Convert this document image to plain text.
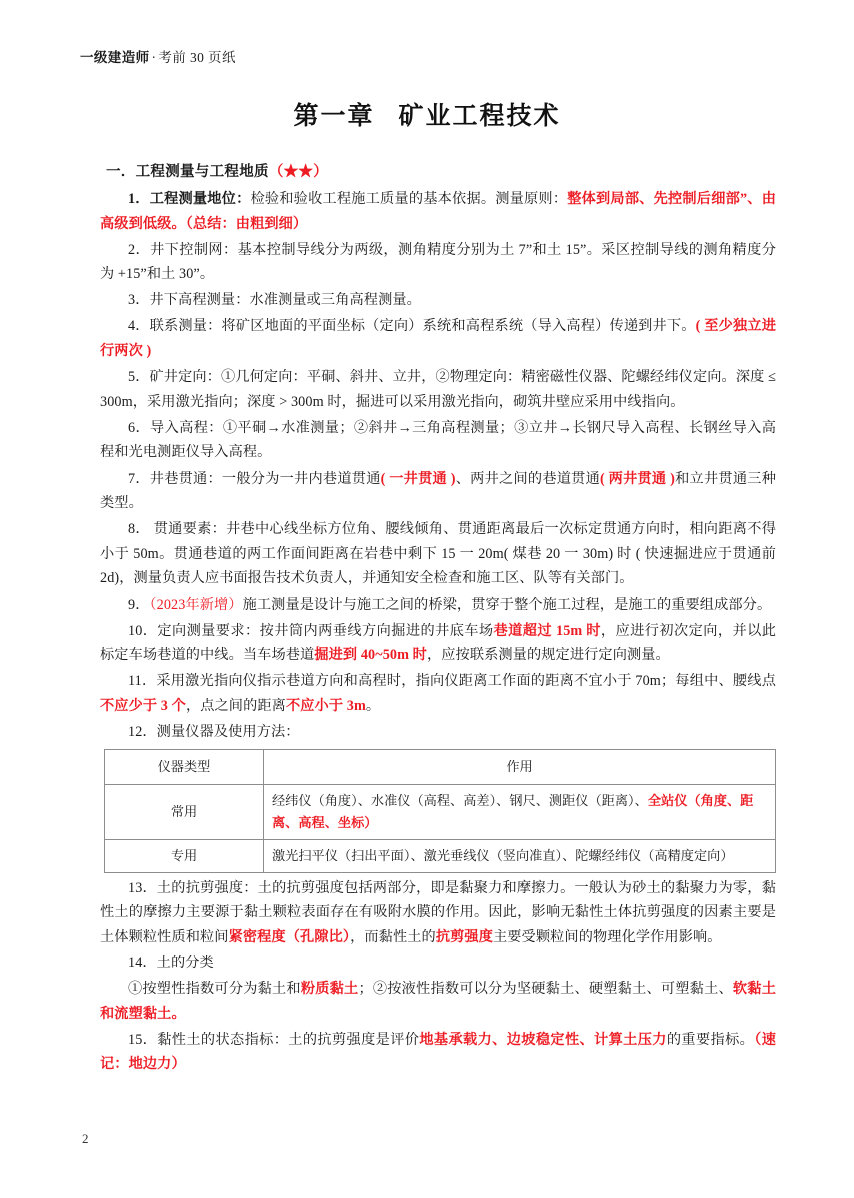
一级建造师 · 考前 30 页纸
第一章 矿业工程技术
一．工程测量与工程地质（★★）

1．工程测量地位：检验和验收工程施工质量的基本依据。测量原则：整体到局部、先控制后细部”、由高级到低级。（总结：由粗到细）

2．井下控制网：基本控制导线分为两级，测角精度分别为土 7”和土 15”。采区控制导线的测角精度分为 +15”和土 30”。

3．井下高程测量：水准测量或三角高程测量。

4．联系测量：将矿区地面的平面坐标（定向）系统和高程系统（导入高程）传递到井下。( 至少独立进行两次 )

5．矿井定向：①几何定向：平硐、斜井、立井，②物理定向：精密磁性仪器、陀螺经纬仪定向。深度 ≤ 300m，采用激光指向；深度 > 300m 时，掘进可以采用激光指向，砌筑井壁应采用中线指向。

6．导入高程：①平硐→水准测量；②斜井→三角高程测量；③立井→长钢尺导入高程、长钢丝导入高程和光电测距仪导入高程。

7．井巷贯通：一般分为一井内巷道贯通( 一井贯通 )、两井之间的巷道贯通( 两井贯通 )和立井贯通三种类型。

8． 贯通要素：井巷中心线坐标方位角、腰线倾角、贯通距离最后一次标定贯通方向时，相向距离不得小于 50m。贯通巷道的两工作面间距离在岩巷中剩下 15 一 20m( 煤巷 20 一 30m) 时 ( 快速掘进应于贯通前 2d)，测量负责人应书面报告技术负责人，并通知安全检查和施工区、队等有关部门。

9．（2023年新增）施工测量是设计与施工之间的桥梁，贯穿于整个施工过程，是施工的重要组成部分。

10．定向测量要求：按井筒内两垂线方向掘进的井底车场巷道超过 15m 时，应进行初次定向，并以此标定车场巷道的中线。当车场巷道掘进到 40~50m 时，应按联系测量的规定进行定向测量。

11．采用激光指向仪指示巷道方向和高程时，指向仪距离工作面的距离不宜小于 70m；每组中、腰线点不应少于 3 个，点之间的距离不应小于 3m。

12．测量仪器及使用方法：

仪器类型	作用
常用	经纬仪（角度）、水准仪（高程、高差）、钢尺、测距仪（距离）、全站仪（角度、距离、高程、坐标）
专用	激光扫平仪（扫出平面）、激光垂线仪（竖向准直）、陀螺经纬仪（高精度定向）

13．土的抗剪强度：土的抗剪强度包括两部分，即是黏聚力和摩擦力。一般认为砂土的黏聚力为零，黏性土的摩擦力主要源于黏土颗粒表面存在有吸附水膜的作用。因此，影响无黏性土体抗剪强度的因素主要是土体颗粒性质和粒间紧密程度（孔隙比），而黏性土的抗剪强度主要受颗粒间的物理化学作用影响。

14．土的分类

①按塑性指数可分为黏土和粉质黏土；②按液性指数可以分为坚硬黏土、硬塑黏土、可塑黏土、软黏土和流塑黏土。

15．黏性土的状态指标：土的抗剪强度是评价地基承载力、边坡稳定性、计算土压力的重要指标。（速记：地边力）

2
